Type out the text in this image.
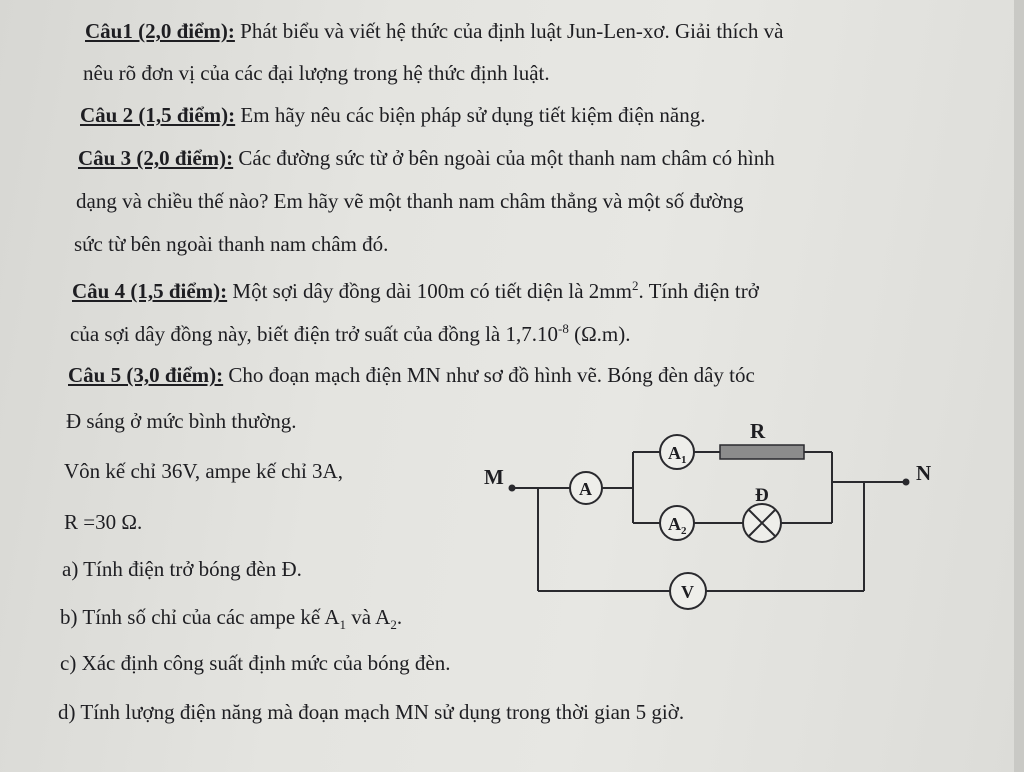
Câu1 (2,0 điểm): Phát biểu và viết hệ thức của định luật Jun-Len-xơ. Giải thích và
nêu rõ đơn vị của các đại lượng trong hệ thức định luật.
Câu 2 (1,5 điểm): Em hãy nêu các biện pháp sử dụng tiết kiệm điện năng.
Câu 3 (2,0 điểm): Các đường sức từ ở bên ngoài của một thanh nam châm có hình
dạng và chiều thế nào? Em hãy vẽ một thanh nam châm thẳng và một số đường
sức từ bên ngoài thanh nam châm đó.
Câu 4 (1,5 điểm): Một sợi dây đồng dài 100m có tiết diện là $2mm^2$. Tính điện trở
của sợi dây đồng này, biết điện trở suất của đồng là $1,7.10^{-8}$ (Ω.m).
Câu 5 (3,0 điểm): Cho đoạn mạch điện MN như sơ đồ hình vẽ. Bóng đèn dây tóc
Đ sáng ở mức bình thường.
Vôn kế chỉ 36V, ampe kế chỉ 3A,
R =30 Ω.
a) Tính điện trở bóng đèn Đ.
b) Tính số chỉ của các ampe kế $A_1$ và $A_2$.
c) Xác định công suất định mức của bóng đèn.
d) Tính lượng điện năng mà đoạn mạch MN sử dụng trong thời gian 5 giờ.
M	N
R
Đ
A
$A_1$
$A_2$
V
